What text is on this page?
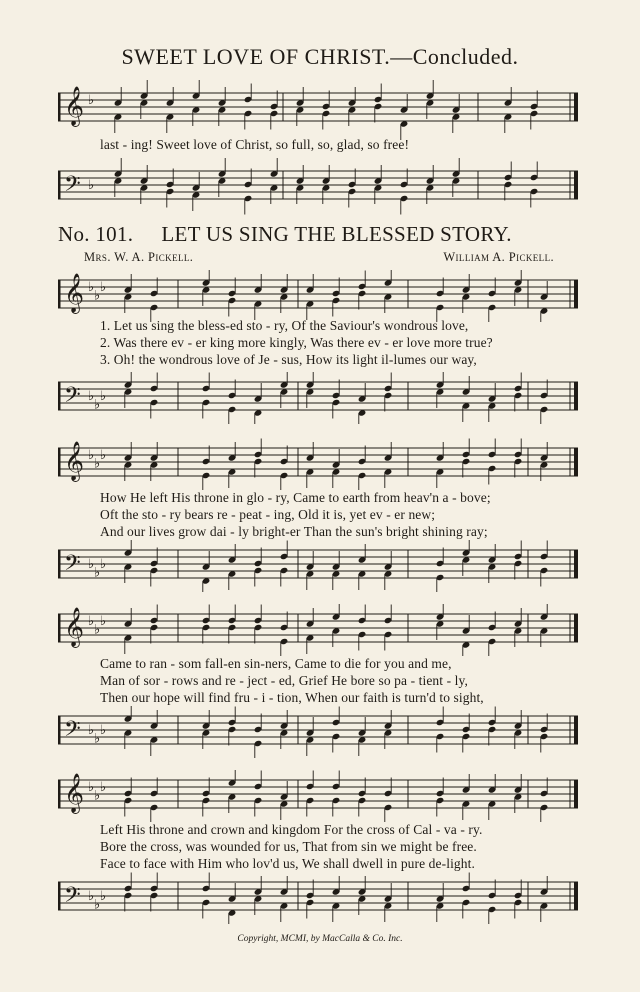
SWEET LOVE OF CHRIST.—Concluded.
𝄞 ♭
last - ing! Sweet love of Christ, so full, so, glad, so free!
𝄢 ♭
No. 101. LET US SING THE BLESSED STORY.
Mrs. W. A. Pickell.	William A. Pickell.
𝄞 ♭
♭
♭
1. Let us sing the bless-ed sto - ry, Of the Saviour's wondrous love,
2. Was there ev - er king more kingly, Was there ev - er love more true?
3. Oh! the wondrous love of Je - sus, How its light il-lumes our way,
𝄢 ♭
♭
♭
𝄞 ♭
♭
♭
How He left His throne in glo - ry, Came to earth from heav'n a - bove;
Oft the sto - ry bears re - peat - ing, Old it is, yet ev - er new;
And our lives grow dai - ly bright-er Than the sun's bright shining ray;
𝄢 ♭
♭
♭
𝄞 ♭
♭
♭
Came to ran - som fall-en sin-ners, Came to die for you and me,
Man of sor - rows and re - ject - ed, Grief He bore so pa - tient - ly,
Then our hope will find fru - i - tion, When our faith is turn'd to sight,
𝄢 ♭
♭
♭
𝄞 ♭
♭
♭
Left His throne and crown and kingdom For the cross of Cal - va - ry.
Bore the cross, was wounded for us, That from sin we might be free.
Face to face with Him who lov'd us, We shall dwell in pure de-light.
𝄢 ♭
♭
♭
Copyright, MCMI, by MacCalla & Co. Inc.
